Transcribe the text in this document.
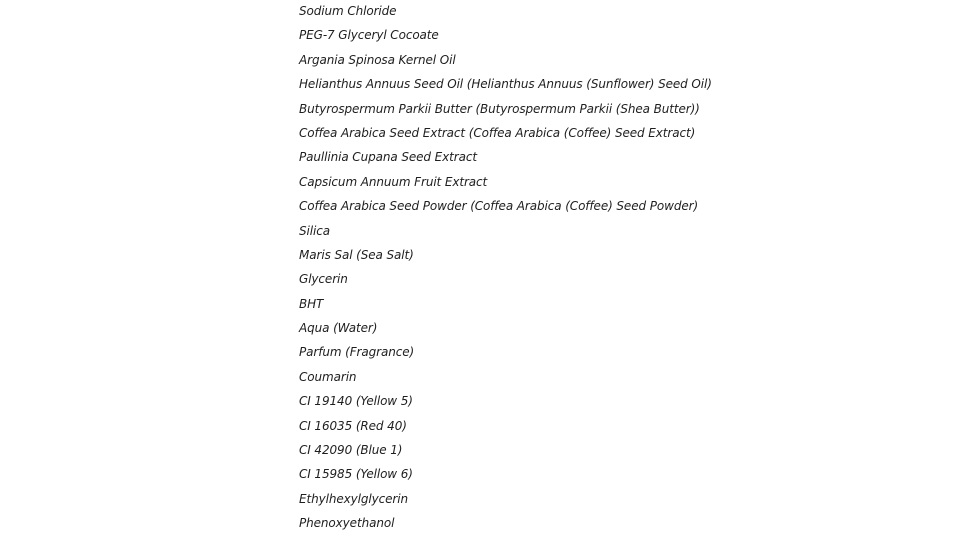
Sodium Chloride
PEG-7 Glyceryl Cocoate
Argania Spinosa Kernel Oil
Helianthus Annuus Seed Oil (Helianthus Annuus (Sunflower) Seed Oil)
Butyrospermum Parkii Butter (Butyrospermum Parkii (Shea Butter))
Coffea Arabica Seed Extract (Coffea Arabica (Coffee) Seed Extract)
Paullinia Cupana Seed Extract
Capsicum Annuum Fruit Extract
Coffea Arabica Seed Powder (Coffea Arabica (Coffee) Seed Powder)
Silica
Maris Sal (Sea Salt)
Glycerin
BHT
Aqua (Water)
Parfum (Fragrance)
Coumarin
CI 19140 (Yellow 5)
CI 16035 (Red 40)
CI 42090 (Blue 1)
CI 15985 (Yellow 6)
Ethylhexylglycerin
Phenoxyethanol
